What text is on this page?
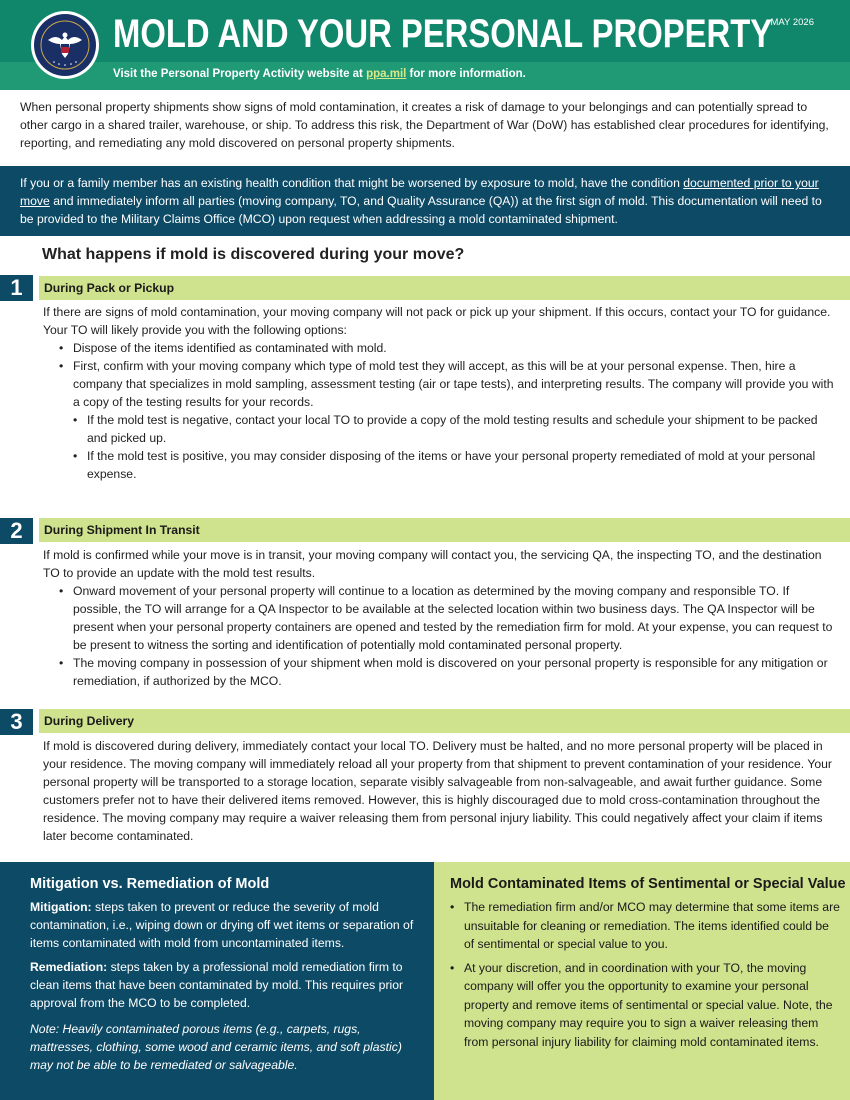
MOLD AND YOUR PERSONAL PROPERTY
MAY 2026
Visit the Personal Property Activity website at ppa.mil for more information.
When personal property shipments show signs of mold contamination, it creates a risk of damage to your belongings and can potentially spread to other cargo in a shared trailer, warehouse, or ship. To address this risk, the Department of War (DoW) has established clear procedures for identifying, reporting, and remediating any mold discovered on personal property shipments.
If you or a family member has an existing health condition that might be worsened by exposure to mold, have the condition documented prior to your move and immediately inform all parties (moving company, TO, and Quality Assurance (QA)) at the first sign of mold. This documentation will need to be provided to the Military Claims Office (MCO) upon request when addressing a mold contaminated shipment.
What happens if mold is discovered during your move?
1	During Pack or Pickup

If there are signs of mold contamination, your moving company will not pack or pick up your shipment. If this occurs, contact your TO for guidance.

Your TO will likely provide you with the following options:

• Dispose of the items identified as contaminated with mold.
• First, confirm with your moving company which type of mold test they will accept, as this will be at your personal expense. Then, hire a company that specializes in mold sampling, assessment testing (air or tape tests), and interpreting results. The company will provide you with a copy of the testing results for your records.
• If the mold test is negative, contact your local TO to provide a copy of the mold testing results and schedule your shipment to be packed and picked up.
• If the mold test is positive, you may consider disposing of the items or have your personal property remediated of mold at your personal expense.
2	During Shipment In Transit

If mold is confirmed while your move is in transit, your moving company will contact you, the servicing QA, the inspecting TO, and the destination TO to provide an update with the mold test results.

• Onward movement of your personal property will continue to a location as determined by the moving company and responsible TO. If possible, the TO will arrange for a QA Inspector to be available at the selected location within two business days. The QA Inspector will be present when your personal property containers are opened and tested by the remediation firm for mold. At your expense, you can request to be present to witness the sorting and identification of potentially mold contaminated personal property.
• The moving company in possession of your shipment when mold is discovered on your personal property is responsible for any mitigation or remediation, if authorized by the MCO.
3	During Delivery

If mold is discovered during delivery, immediately contact your local TO. Delivery must be halted, and no more personal property will be placed in your residence. The moving company will immediately reload all your property from that shipment to prevent contamination of your residence. Your personal property will be transported to a storage location, separate visibly salvageable from non-salvageable, and await further guidance. Some customers prefer not to have their delivered items removed. However, this is highly discouraged due to mold cross-contamination throughout the residence. The moving company may require a waiver releasing them from personal injury liability. This could negatively affect your claim if items later become contaminated.

Mitigation vs. Remediation of Mold

Mitigation: steps taken to prevent or reduce the severity of mold contamination, i.e., wiping down or drying off wet items or separation of items contaminated with mold from uncontaminated items.

Remediation: steps taken by a professional mold remediation firm to clean items that have been contaminated by mold. This requires prior approval from the MCO to be completed.

Note: Heavily contaminated porous items (e.g., carpets, rugs, mattresses, clothing, some wood and ceramic items, and soft plastic) may not be able to be remediated or salvageable.

Mold Contaminated Items of Sentimental or Special Value
• The remediation firm and/or MCO may determine that some items are unsuitable for cleaning or remediation. The items identified could be of sentimental or special value to you.
• At your discretion, and in coordination with your TO, the moving company will offer you the opportunity to examine your personal property and remove items of sentimental or special value. Note, the moving company may require you to sign a waiver releasing them from personal injury liability for claiming mold contaminated items.
